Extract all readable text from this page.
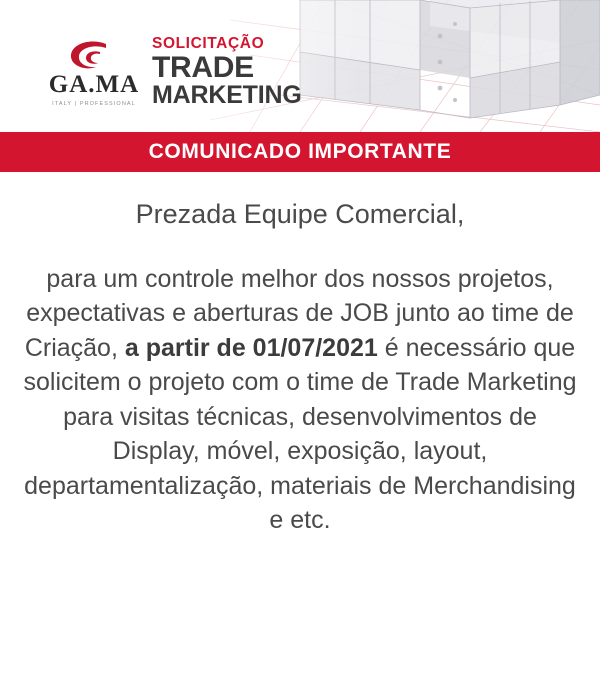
GA.MA
ITALY | PROFESSIONAL
SOLICITAÇÃO
TRADE
MARKETING
COMUNICADO IMPORTANTE

Prezada Equipe Comercial,

para um controle melhor dos nossos projetos, expectativas e aberturas de JOB junto ao time de Criação, a partir de 01/07/2021 é necessário que solicitem o projeto com o time de Trade Marketing para visitas técnicas, desenvolvimentos de Display, móvel, exposição, layout, departamentalização, materiais de Merchandising e etc.
